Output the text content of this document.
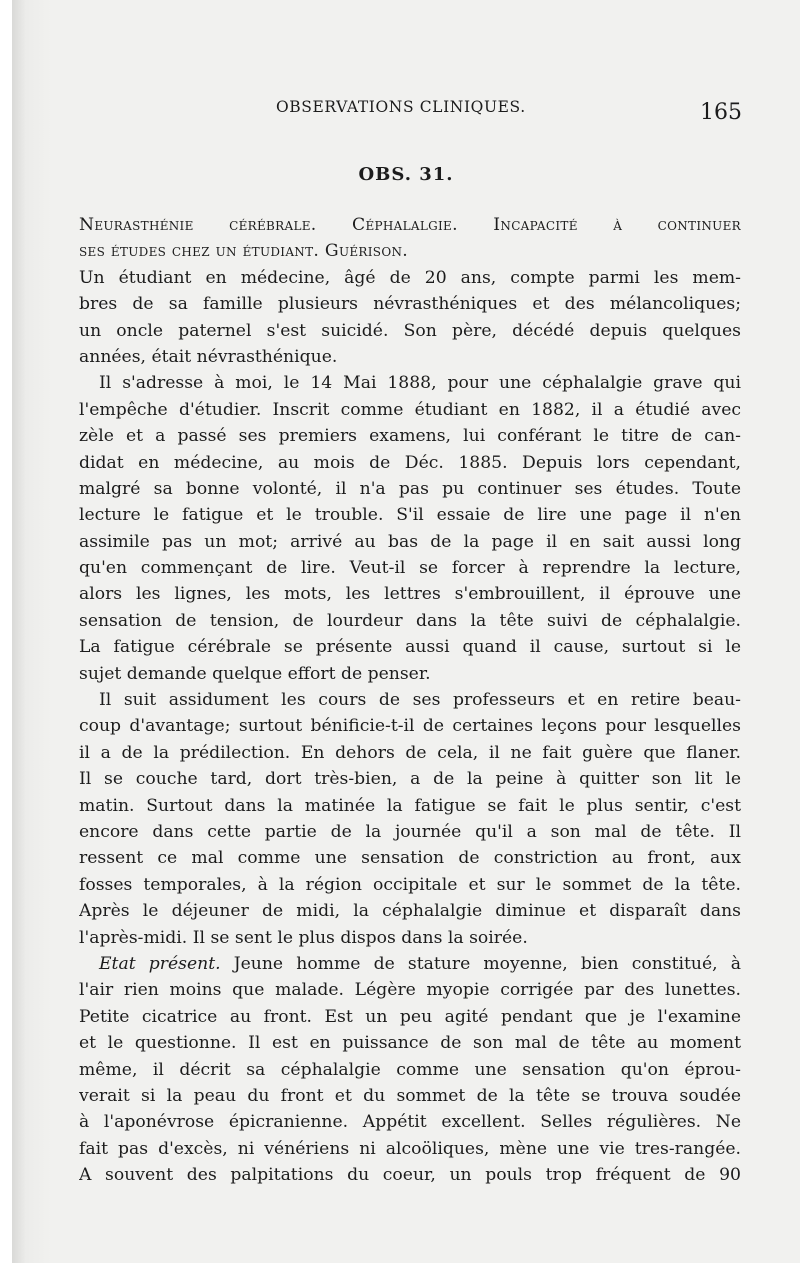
OBSERVATIONS CLINIQUES.	165
OBS. 31.
Neurasthénie cérébrale. Céphalalgie. Incapacité à continuer
ses études chez un étudiant. Guérison.
Un étudiant en médecine, âgé de 20 ans, compte parmi les mem-
bres de sa famille plusieurs névrasthéniques et des mélancoliques;
un oncle paternel s'est suicidé. Son père, décédé depuis quelques
années, était névrasthénique.
Il s'adresse à moi, le 14 Mai 1888, pour une céphalalgie grave qui
l'empêche d'étudier. Inscrit comme étudiant en 1882, il a étudié avec
zèle et a passé ses premiers examens, lui conférant le titre de can-
didat en médecine, au mois de Déc. 1885. Depuis lors cependant,
malgré sa bonne volonté, il n'a pas pu continuer ses études. Toute
lecture le fatigue et le trouble. S'il essaie de lire une page il n'en
assimile pas un mot; arrivé au bas de la page il en sait aussi long
qu'en commençant de lire. Veut-il se forcer à reprendre la lecture,
alors les lignes, les mots, les lettres s'embrouillent, il éprouve une
sensation de tension, de lourdeur dans la tête suivi de céphalalgie.
La fatigue cérébrale se présente aussi quand il cause, surtout si le
sujet demande quelque effort de penser.
Il suit assidument les cours de ses professeurs et en retire beau-
coup d'avantage; surtout bénificie-t-il de certaines leçons pour lesquelles
il a de la prédilection. En dehors de cela, il ne fait guère que flaner.
Il se couche tard, dort très-bien, a de la peine à quitter son lit le
matin. Surtout dans la matinée la fatigue se fait le plus sentir, c'est
encore dans cette partie de la journée qu'il a son mal de tête. Il
ressent ce mal comme une sensation de constriction au front, aux
fosses temporales, à la région occipitale et sur le sommet de la tête.
Après le déjeuner de midi, la céphalalgie diminue et disparaît dans
l'après-midi. Il se sent le plus dispos dans la soirée.
Etat présent. Jeune homme de stature moyenne, bien constitué, à
l'air rien moins que malade. Légère myopie corrigée par des lunettes.
Petite cicatrice au front. Est un peu agité pendant que je l'examine
et le questionne. Il est en puissance de son mal de tête au moment
même, il décrit sa céphalalgie comme une sensation qu'on éprou-
verait si la peau du front et du sommet de la tête se trouva soudée
à l'aponévrose épicranienne. Appétit excellent. Selles régulières. Ne
fait pas d'excès, ni vénériens ni alcoöliques, mène une vie tres-rangée.
A souvent des palpitations du coeur, un pouls trop fréquent de 90
